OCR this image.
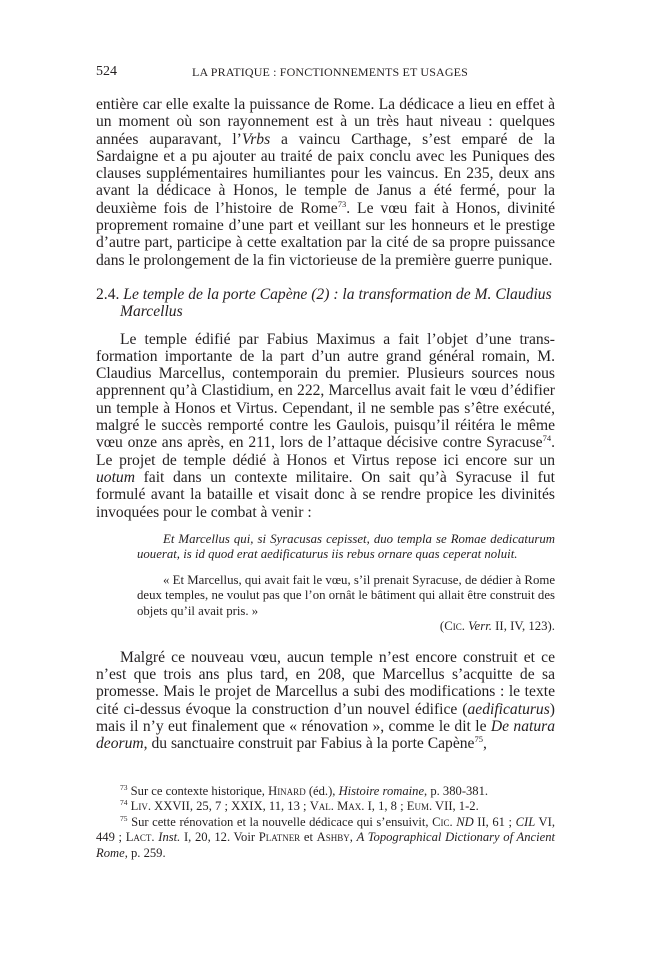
524	LA PRATIQUE : FONCTIONNEMENTS ET USAGES

entière car elle exalte la puissance de Rome. La dédicace a lieu en effet à un moment où son rayonnement est à un très haut niveau : quelques années auparavant, l’Vrbs a vaincu Carthage, s’est emparé de la Sardaigne et a pu ajouter au traité de paix conclu avec les Puniques des clauses supplémentaires humiliantes pour les vaincus. En 235, deux ans avant la dédicace à Honos, le temple de Janus a été fermé, pour la deuxième fois de l’histoire de Rome$^{73}$. Le vœu fait à Honos, divinité proprement romaine d’une part et veillant sur les honneurs et le prestige d’autre part, participe à cette exaltation par la cité de sa propre puissance dans le prolongement de la fin victorieuse de la première guerre punique.

2.4. Le temple de la porte Capène (2) : la transformation de M. Claudius Marcellus

Le temple édifié par Fabius Maximus a fait l’objet d’une transformation importante de la part d’un autre grand général romain, M. Claudius Marcellus, contemporain du premier. Plusieurs sources nous apprennent qu’à Clastidium, en 222, Marcellus avait fait le vœu d’édifier un temple à Honos et Virtus. Cependant, il ne semble pas s’être exécuté, malgré le succès remporté contre les Gaulois, puisqu’il réitéra le même vœu onze ans après, en 211, lors de l’attaque décisive contre Syracuse$^{74}$. Le projet de temple dédié à Honos et Virtus repose ici encore sur un uotum fait dans un contexte militaire. On sait qu’à Syracuse il fut formulé avant la bataille et visait donc à se rendre propice les divinités invoquées pour le combat à venir :

Et Marcellus qui, si Syracusas cepisset, duo templa se Romae dedicaturum uouerat, is id quod erat aedificaturus iis rebus ornare quas ceperat noluit.

« Et Marcellus, qui avait fait le vœu, s’il prenait Syracuse, de dédier à Rome deux temples, ne voulut pas que l’on ornât le bâtiment qui allait être construit des objets qu’il avait pris. »

(Cic. Verr. II, IV, 123).

Malgré ce nouveau vœu, aucun temple n’est encore construit et ce n’est que trois ans plus tard, en 208, que Marcellus s’acquitte de sa promesse. Mais le projet de Marcellus a subi des modifications : le texte cité ci-dessus évoque la construction d’un nouvel édifice (aedificaturus) mais il n’y eut finalement que « rénovation », comme le dit le De natura deorum, du sanctuaire construit par Fabius à la porte Capène$^{75}$,

$^{73}$ Sur ce contexte historique, Hinard (éd.), Histoire romaine, p. 380-381.

$^{74}$ Liv. XXVII, 25, 7 ; XXIX, 11, 13 ; Val. Max. I, 1, 8 ; Eum. VII, 1-2.

$^{75}$ Sur cette rénovation et la nouvelle dédicace qui s’ensuivit, Cic. ND II, 61 ; CIL VI, 449 ; Lact. Inst. I, 20, 12. Voir Platner et Ashby, A Topographical Dictionary of Ancient Rome, p. 259.
